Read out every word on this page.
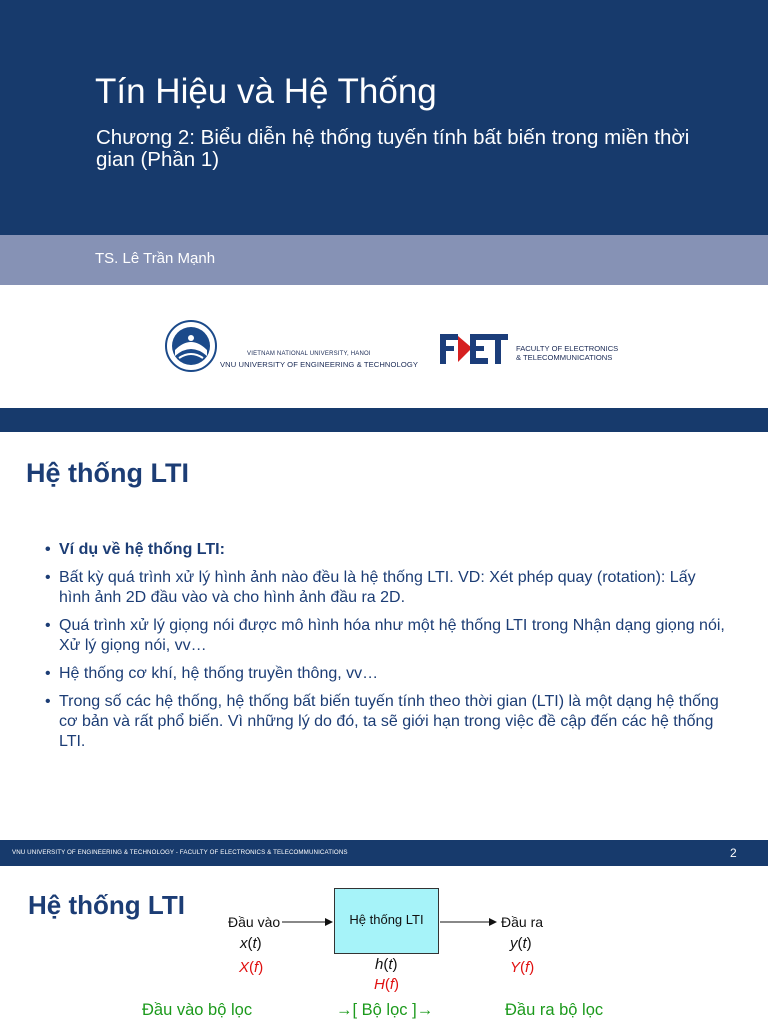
Tín Hiệu và Hệ Thống
Chương 2: Biểu diễn hệ thống tuyến tính bất biến trong miền thời gian (Phần 1)
TS. Lê Trần Mạnh
VIETNAM NATIONAL UNIVERSITY, HANOI
VNU UNIVERSITY OF ENGINEERING & TECHNOLOGY
FACULTY OF ELECTRONICS
& TELECOMMUNICATIONS
Hệ thống LTI
• Ví dụ về hệ thống LTI:
• Bất kỳ quá trình xử lý hình ảnh nào đều là hệ thống LTI. VD: Xét phép quay (rotation): Lấy hình ảnh 2D đầu vào và cho hình ảnh đầu ra 2D.
• Quá trình xử lý giọng nói được mô hình hóa như một hệ thống LTI trong Nhận dạng giọng nói, Xử lý giọng nói, vv…
• Hệ thống cơ khí, hệ thống truyền thông, vv…
• Trong số các hệ thống, hệ thống bất biến tuyến tính theo thời gian (LTI) là một dạng hệ thống cơ bản và rất phổ biến. Vì những lý do đó, ta sẽ giới hạn trong việc đề cập đến các hệ thống LTI.
VNU UNIVERSITY OF ENGINEERING & TECHNOLOGY - FACULTY OF ELECTRONICS & TELECOMMUNICATIONS	2
Hệ thống LTI	Hệ thống LTI
Đầu vào
x(t)
X(f)	h(t)
H(f)
Đầu ra
y(t)
Y(f)
Đầu vào bộ lọc	→[ Bộ lọc ]→	Đầu ra bộ lọc
